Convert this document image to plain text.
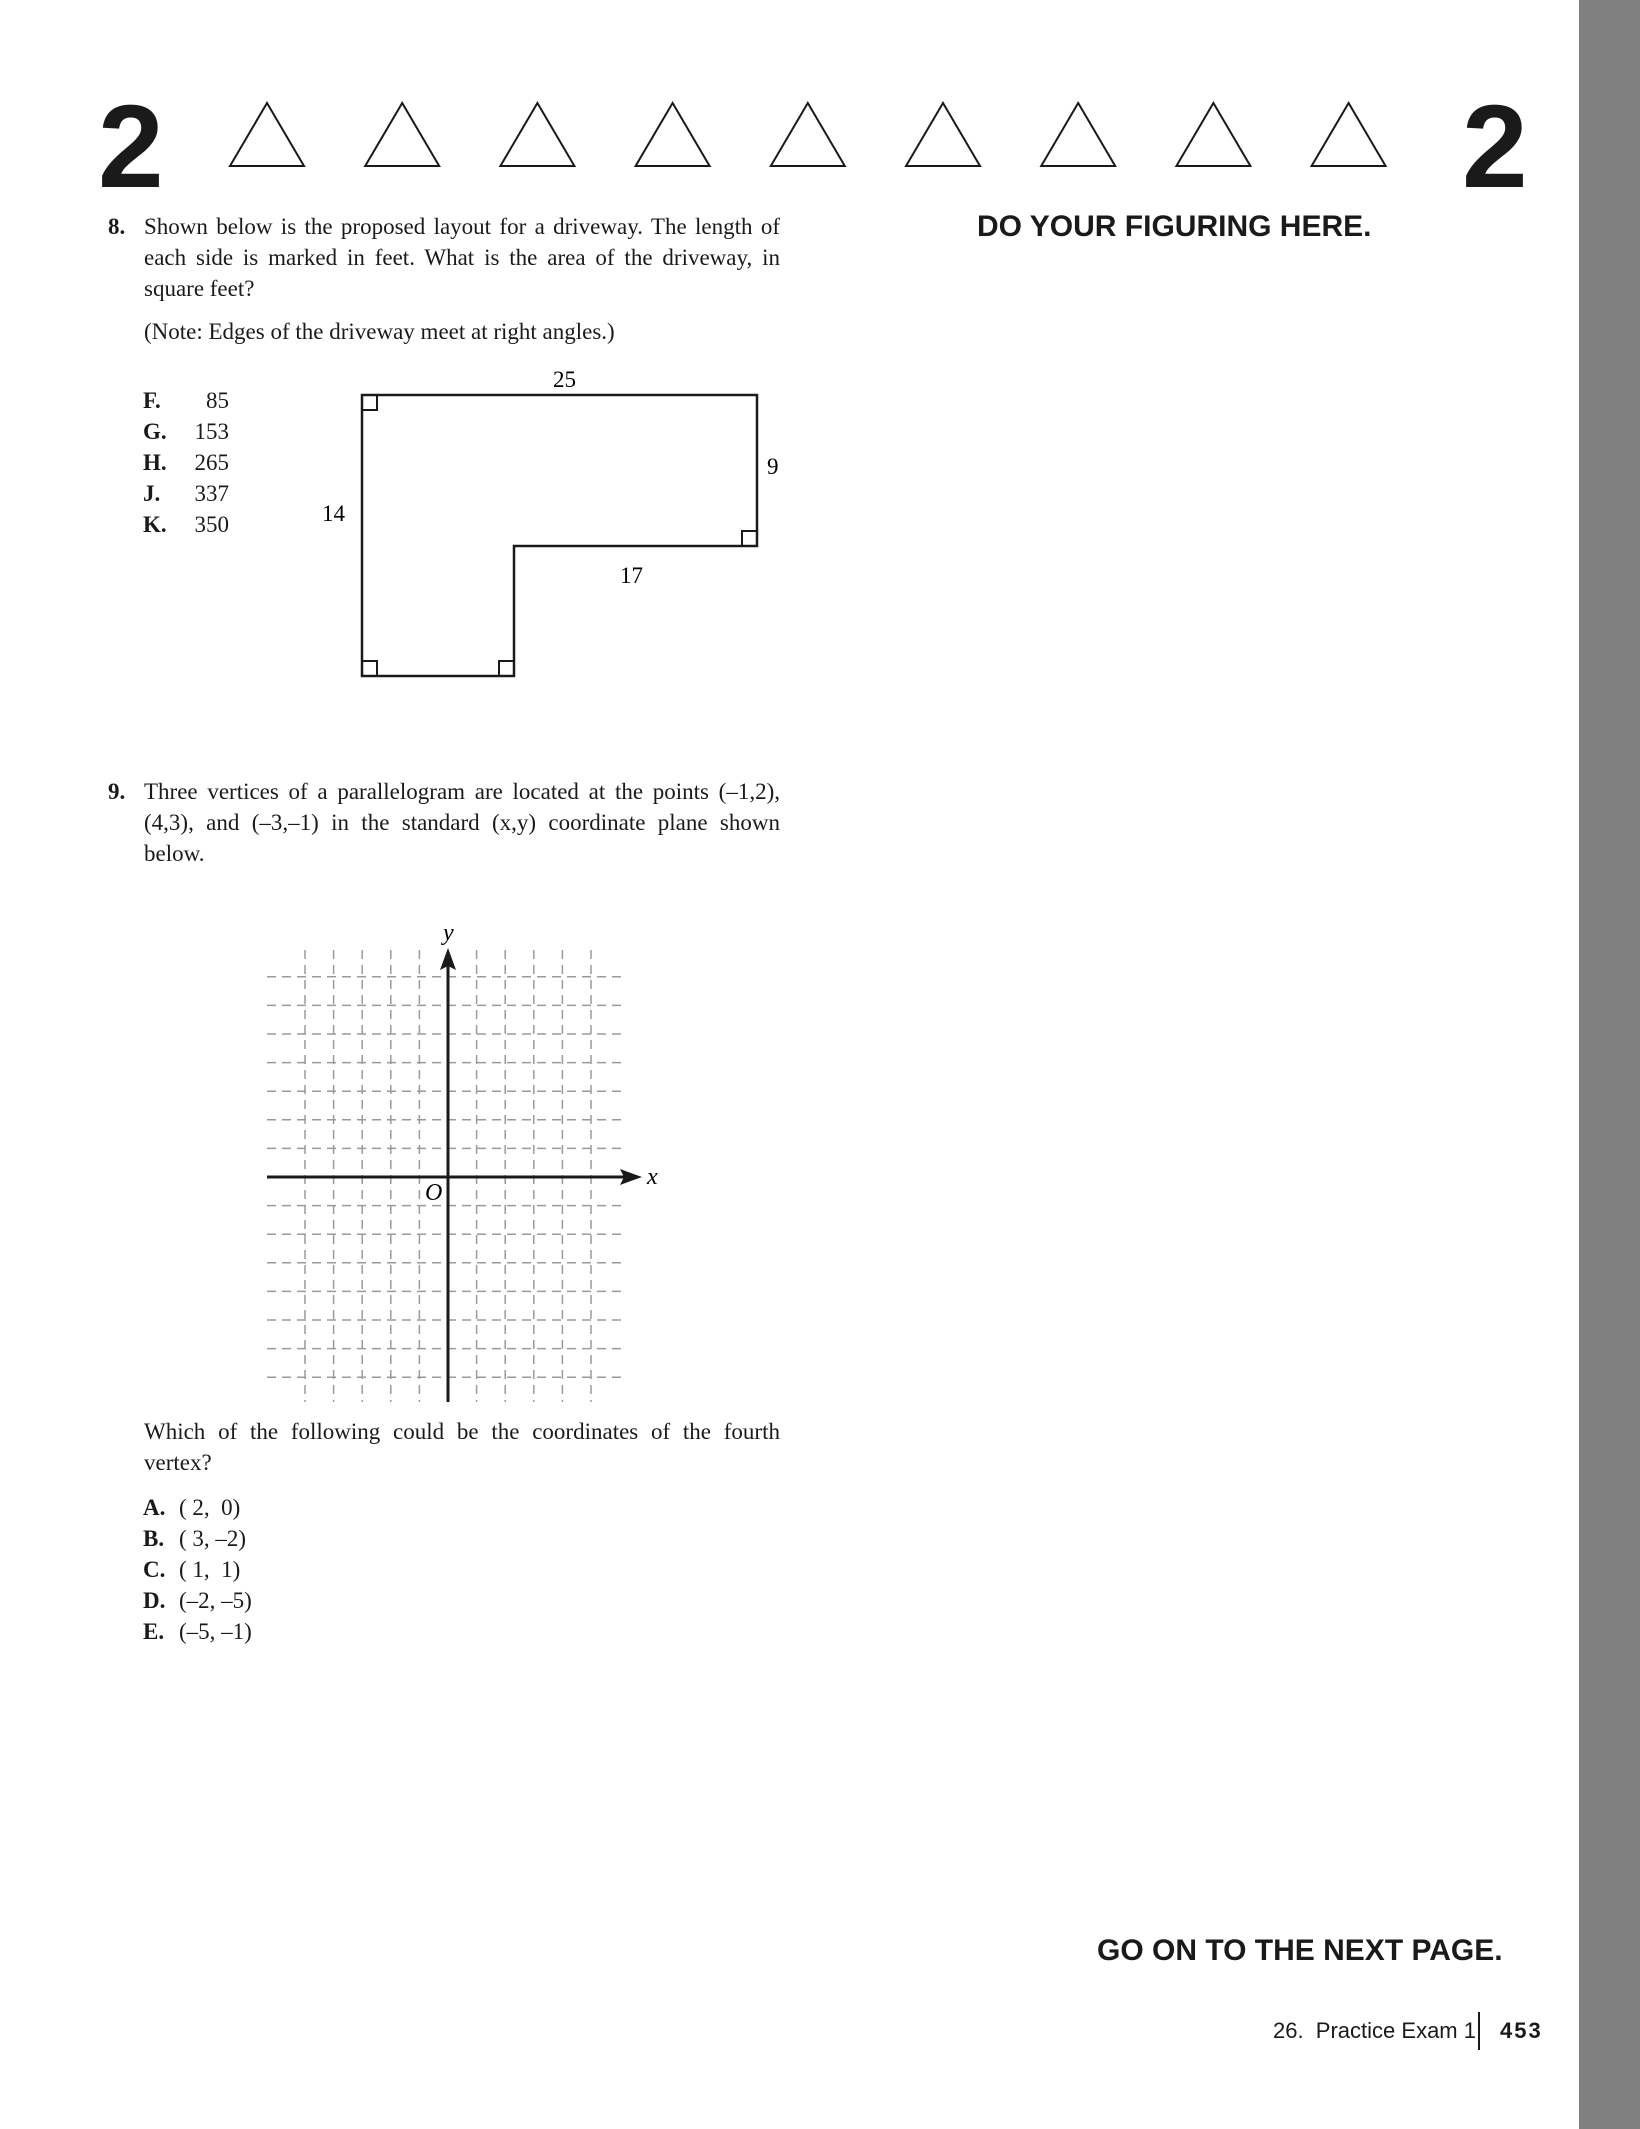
2	2
DO YOUR FIGURING HERE.
8. Shown below is the proposed layout for a driveway. The length of each side is marked in feet. What is the area of the driveway, in square feet?
(Note: Edges of the driveway meet at right angles.)
F. 85
G. 153
H. 265
J. 337
K. 350
25
9
14
17
9. Three vertices of a parallelogram are located at the points (–1,2), (4,3), and (–3,–1) in the standard (x,y) coordinate plane shown below.
x
y
O
Which of the following could be the coordinates of the fourth vertex?
A. ( 2,  0)
B. ( 3, –2)
C. ( 1,  1)
D. (–2, –5)
E. (–5, –1)
GO ON TO THE NEXT PAGE.
26.  Practice Exam 1 453
